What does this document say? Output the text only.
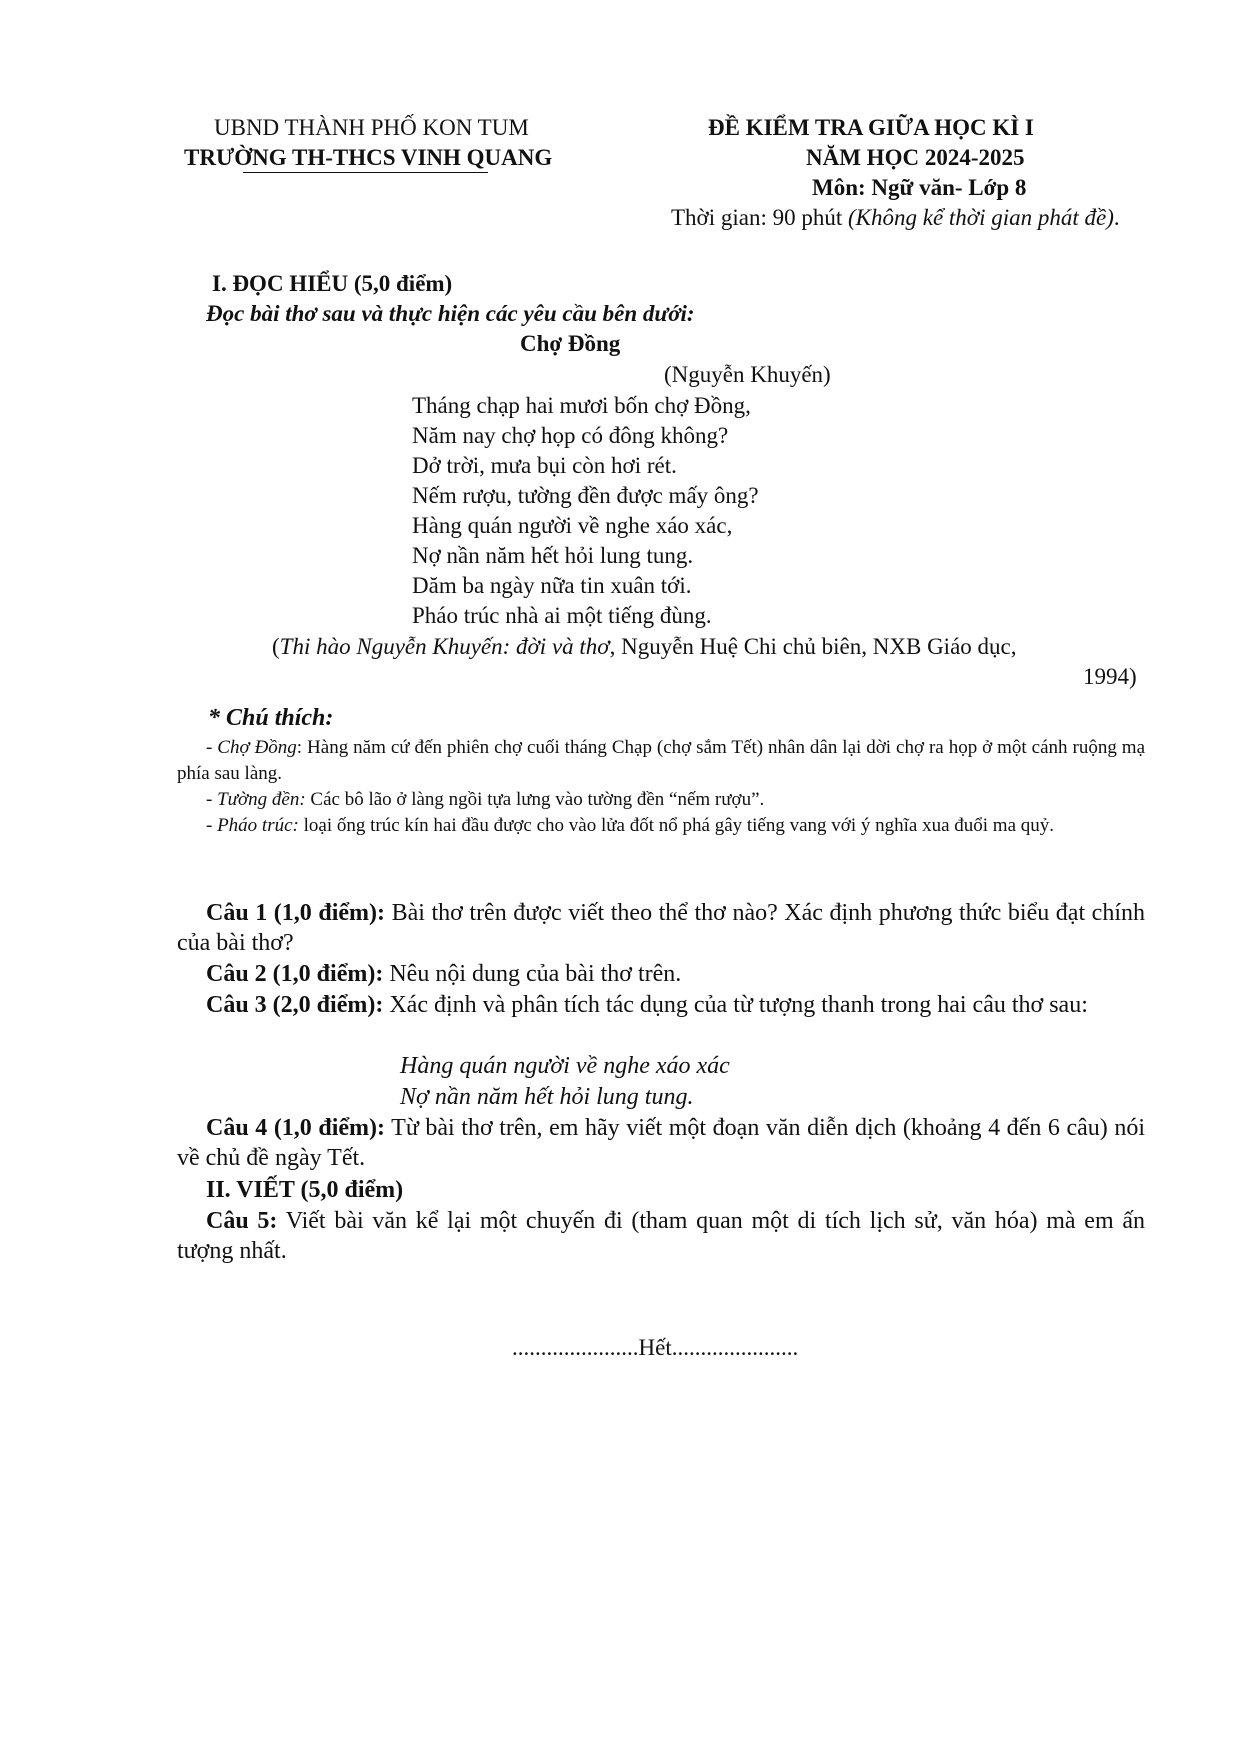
UBND THÀNH PHỐ KON TUM
TRƯỜNG TH-THCS VINH QUANG
ĐỀ KIỂM TRA GIỮA HỌC KÌ I
NĂM HỌC 2024-2025
Môn: Ngữ văn- Lớp 8
Thời gian: 90 phút (Không kể thời gian phát đề).
I. ĐỌC HIỂU (5,0 điểm)
Đọc bài thơ sau và thực hiện các yêu cầu bên dưới:
Chợ Đồng
(Nguyễn Khuyến)
Tháng chạp hai mươi bốn chợ Đồng,
Năm nay chợ họp có đông không?
Dở trời, mưa bụi còn hơi rét.
Nếm rượu, tường đền được mấy ông?
Hàng quán người về nghe xáo xác,
Nợ nần năm hết hỏi lung tung.
Dăm ba ngày nữa tin xuân tới.
Pháo trúc nhà ai một tiếng đùng.
(Thi hào Nguyễn Khuyến: đời và thơ, Nguyễn Huệ Chi chủ biên, NXB Giáo dục,
1994)
* Chú thích:
- Chợ Đồng: Hàng năm cứ đến phiên chợ cuối tháng Chạp (chợ sắm Tết) nhân dân lại dời chợ ra họp ở một cánh ruộng mạ phía sau làng.
- Tường đền: Các bô lão ở làng ngồi tựa lưng vào tường đền “nếm rượu”.
- Pháo trúc: loại ống trúc kín hai đầu được cho vào lửa đốt nổ phá gây tiếng vang với ý nghĩa xua đuổi ma quỷ.
Câu 1 (1,0 điểm): Bài thơ trên được viết theo thể thơ nào? Xác định phương thức biểu đạt chính của bài thơ?
Câu 2 (1,0 điểm): Nêu nội dung của bài thơ trên.
Câu 3 (2,0 điểm): Xác định và phân tích tác dụng của từ tượng thanh trong hai câu thơ sau:
Hàng quán người về nghe xáo xác
Nợ nần năm hết hỏi lung tung.
Câu 4 (1,0 điểm): Từ bài thơ trên, em hãy viết một đoạn văn diễn dịch (khoảng 4 đến 6 câu) nói về chủ đề ngày Tết.
II. VIẾT (5,0 điểm)
Câu 5: Viết bài văn kể lại một chuyến đi (tham quan một di tích lịch sử, văn hóa) mà em ấn tượng nhất.
......................Hết......................
